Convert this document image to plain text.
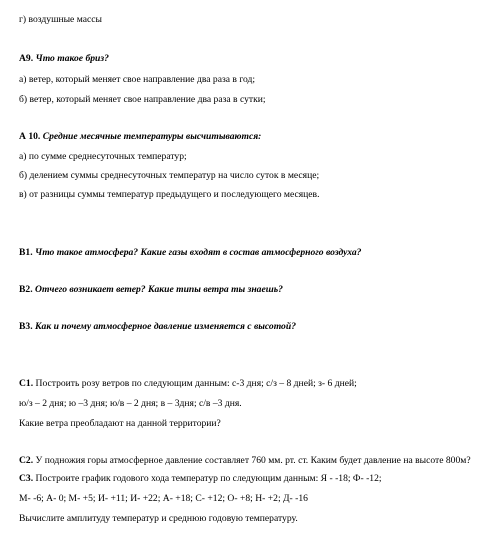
г) воздушные массы
А9. Что такое бриз?
а) ветер, который меняет свое направление два раза в год;
б) ветер, который меняет свое направление два раза в сутки;
А 10. Средние месячные температуры высчитываются:
а) по сумме среднесуточных температур;
б) делением суммы среднесуточных температур на число суток в месяце;
в) от разницы суммы температур предыдущего и последующего месяцев.
В1. Что такое атмосфера? Какие газы входят в состав атмосферного воздуха?
В2. Отчего возникает ветер? Какие типы ветра ты знаешь?
В3. Как и почему атмосферное давление изменяется с высотой?
С1. Построить розу ветров по следующим данным: с-3 дня; с/з – 8 дней; з- 6 дней;
ю/з – 2 дня; ю –3 дня; ю/в – 2 дня; в – 3дня; с/в –3 дня.
Какие ветра преобладают на данной территории?
С2. У подножия горы атмосферное давление составляет 760 мм. рт. ст. Каким будет давление на высоте 800м?
С3. Построите график годового хода температур по следующим данным: Я - -18; Ф- -12;
М- -6; А- 0; М- +5; И- +11; И- +22; А- +18; С- +12; О- +8; Н- +2; Д- -16
Вычислите амплитуду температур и среднюю годовую температуру.
